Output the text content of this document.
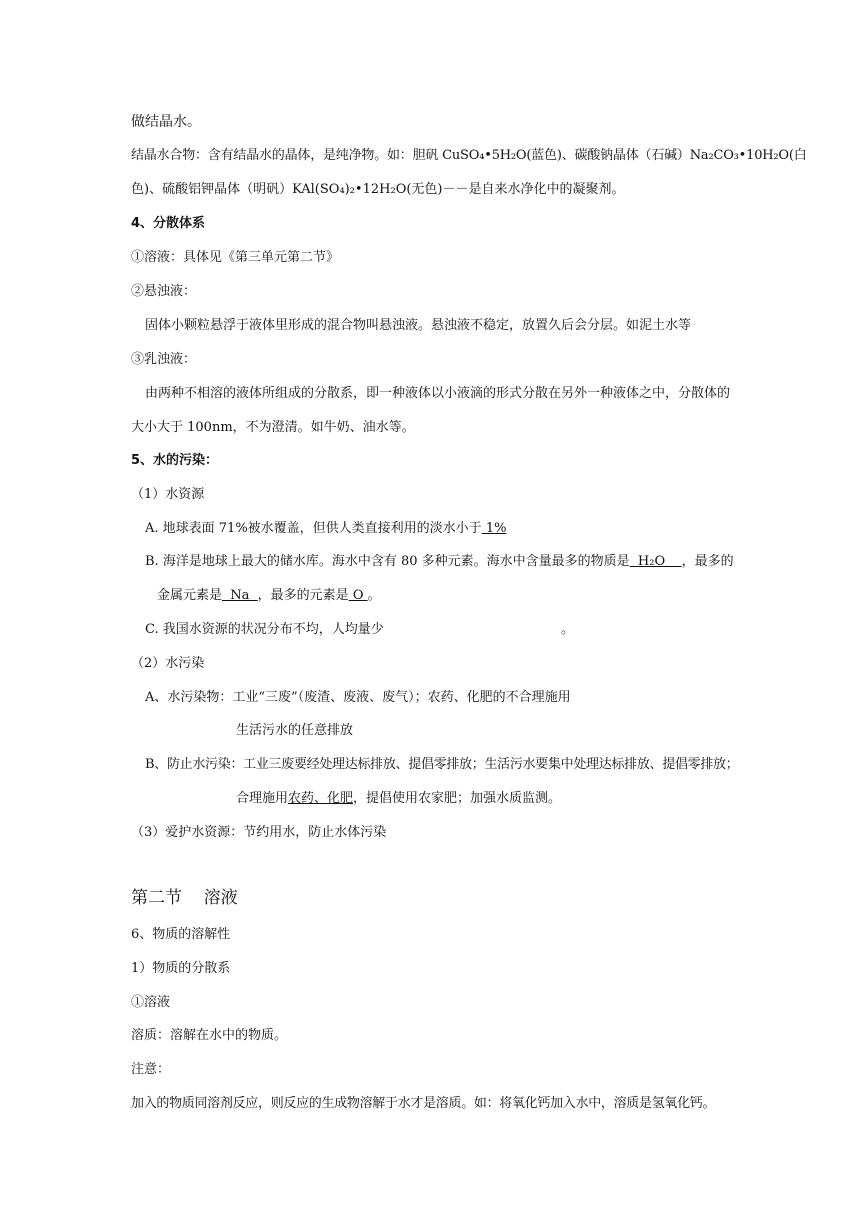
做结晶水。
结晶水合物：含有结晶水的晶体，是纯净物。如：胆矾 CuSO₄•5H₂O(蓝色)、碳酸钠晶体（石碱）Na₂CO₃•10H₂O(白
色)、硫酸铝钾晶体（明矾）KAl(SO₄)₂•12H₂O(无色)－－是自来水净化中的凝聚剂。
4、分散体系
①溶液：具体见《第三单元第二节》
②悬浊液：
固体小颗粒悬浮于液体里形成的混合物叫悬浊液。悬浊液不稳定，放置久后会分层。如泥土水等
③乳浊液：
由两种不相溶的液体所组成的分散系，即一种液体以小液滴的形式分散在另外一种液体之中，分散体的
大小大于 100nm，不为澄清。如牛奶、油水等。
5、水的污染：
（1）水资源
A. 地球表面 71%被水覆盖，但供人类直接利用的淡水小于 1%
B. 海洋是地球上最大的储水库。海水中含有 80 多种元素。海水中含量最多的物质是  H₂O    ，最多的
金属元素是  Na  ，最多的元素是 O 。
C. 我国水资源的状况分布不均，人均量少	。
（2）水污染
A、水污染物：工业“三废”（废渣、废液、废气）；农药、化肥的不合理施用
生活污水的任意排放
B、防止水污染：工业三废要经处理达标排放、提倡零排放；生活污水要集中处理达标排放、提倡零排放；
合理施用农药、化肥，提倡使用农家肥；加强水质监测。
（3）爱护水资源：节约用水，防止水体污染
第二节    溶液
6、物质的溶解性
1）物质的分散系
①溶液
溶质：溶解在水中的物质。
注意：
加入的物质同溶剂反应，则反应的生成物溶解于水才是溶质。如：将氧化钙加入水中，溶质是氢氧化钙。
